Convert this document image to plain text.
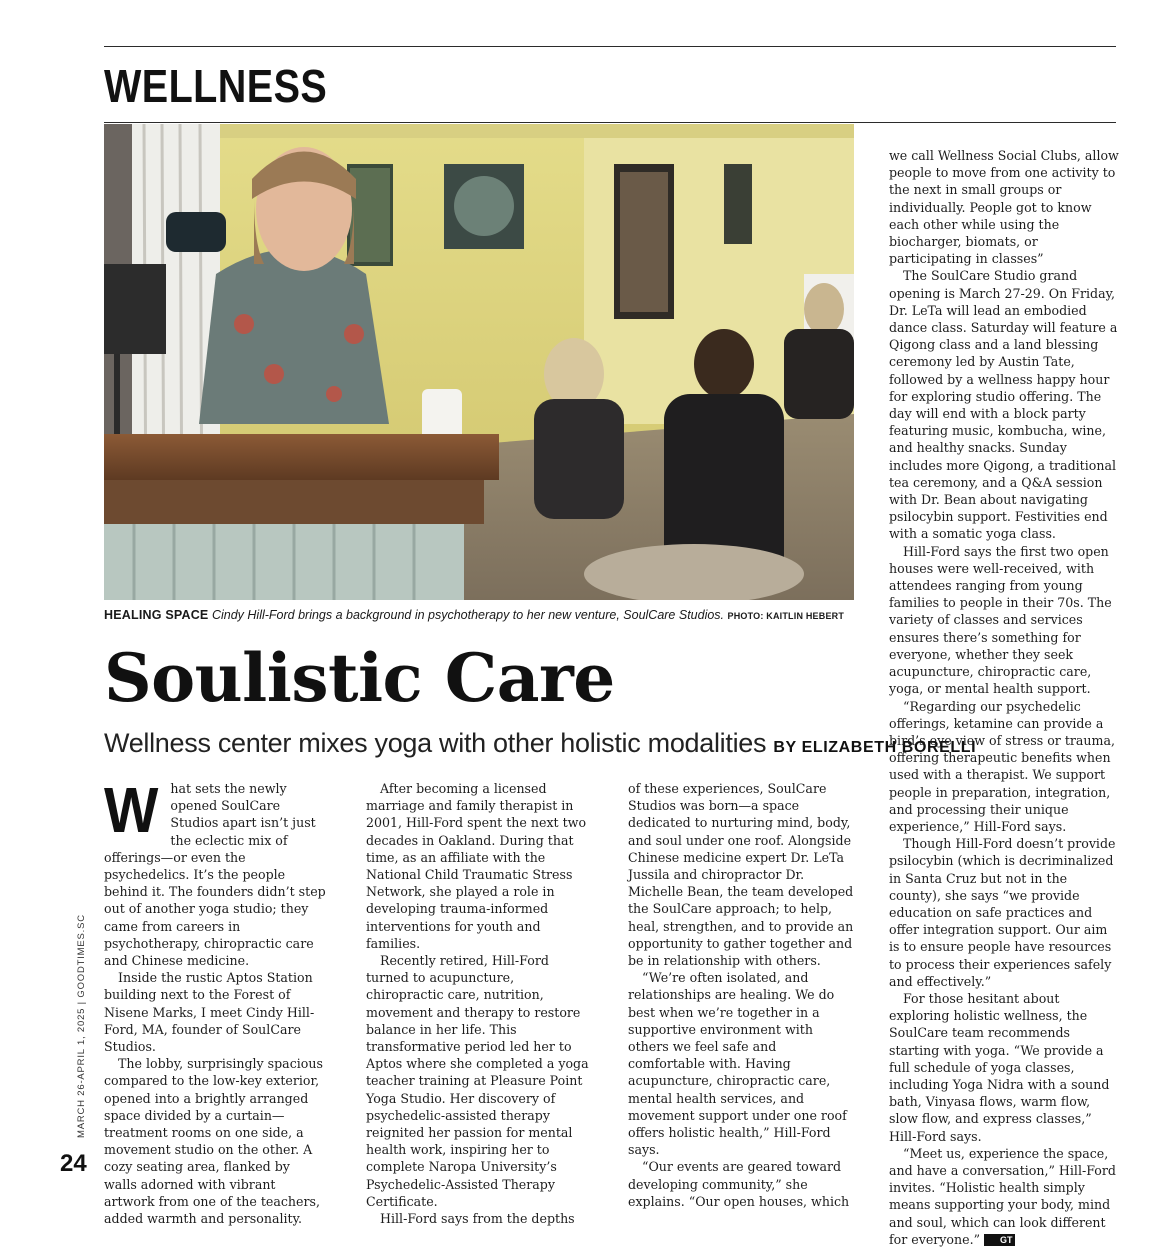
WELLNESS
HEALING SPACE Cindy Hill-Ford brings a background in psychotherapy to her new venture, SoulCare Studios. PHOTO: KAITLIN HEBERT
Soulistic Care
Wellness center mixes yoga with other holistic modalities BY ELIZABETH BORELLI

What sets the newly opened SoulCare Studios apart isn’t just the eclectic mix of offerings—or even the psychedelics. It’s the people behind it. The founders didn’t step out of another yoga studio; they came from careers in psychotherapy, chiropractic care and Chinese medicine.

Inside the rustic Aptos Station building next to the Forest of Nisene Marks, I meet Cindy Hill-Ford, MA, founder of SoulCare Studios.

The lobby, surprisingly spacious compared to the low-key exterior, opened into a brightly arranged space divided by a curtain—treatment rooms on one side, a movement studio on the other. A cozy seating area, flanked by walls adorned with vibrant artwork from one of the teachers, added warmth and personality.

After becoming a licensed marriage and family therapist in 2001, Hill-Ford spent the next two decades in Oakland. During that time, as an affiliate with the National Child Traumatic Stress Network, she played a role in developing trauma-informed interventions for youth and families.

Recently retired, Hill-Ford turned to acupuncture, chiropractic care, nutrition, movement and therapy to restore balance in her life. This transformative period led her to Aptos where she completed a yoga teacher training at Pleasure Point Yoga Studio. Her discovery of psychedelic-assisted therapy reignited her passion for mental health work, inspiring her to complete Naropa University’s Psychedelic-Assisted Therapy Certificate.

Hill-Ford says from the depths

of these experiences, SoulCare Studios was born—a space dedicated to nurturing mind, body, and soul under one roof. Alongside Chinese medicine expert Dr. LeTa Jussila and chiropractor Dr. Michelle Bean, the team developed the SoulCare approach; to help, heal, strengthen, and to provide an opportunity to gather together and be in relationship with others.

“We’re often isolated, and relationships are healing. We do best when we’re together in a supportive environment with others we feel safe and comfortable with. Having acupuncture, chiropractic care, mental health services, and movement support under one roof offers holistic health,” Hill-Ford says.

“Our events are geared toward developing community,” she explains. “Our open houses, which

we call Wellness Social Clubs, allow people to move from one activity to the next in small groups or individually. People got to know each other while using the biocharger, biomats, or participating in classes”

The SoulCare Studio grand opening is March 27-29. On Friday, Dr. LeTa will lead an embodied dance class. Saturday will feature a Qigong class and a land blessing ceremony led by Austin Tate, followed by a wellness happy hour for exploring studio offering. The day will end with a block party featuring music, kombucha, wine, and healthy snacks. Sunday includes more Qigong, a traditional tea ceremony, and a Q&A session with Dr. Bean about navigating psilocybin support. Festivities end with a somatic yoga class.

Hill-Ford says the first two open houses were well-received, with attendees ranging from young families to people in their 70s. The variety of classes and services ensures there’s something for everyone, whether they seek acupuncture, chiropractic care, yoga, or mental health support.

“Regarding our psychedelic offerings, ketamine can provide a bird’s eye view of stress or trauma, offering therapeutic benefits when used with a therapist. We support people in preparation, integration, and processing their unique experience,” Hill-Ford says.

Though Hill-Ford doesn’t provide psilocybin (which is decriminalized in Santa Cruz but not in the county), she says “we provide education on safe practices and offer integration support. Our aim is to ensure people have resources to process their experiences safely and effectively.”

For those hesitant about exploring holistic wellness, the SoulCare team recommends starting with yoga. “We provide a full schedule of yoga classes, including Yoga Nidra with a sound bath, Vinyasa flows, warm flow, slow flow, and express classes,” Hill-Ford says.

“Meet us, experience the space, and have a conversation,” Hill-Ford invites. “Holistic health simply means supporting your body, mind and soul, which can look different for everyone.” GT

MARCH 26-APRIL 1, 2025 | GOODTIMES.SC
24
